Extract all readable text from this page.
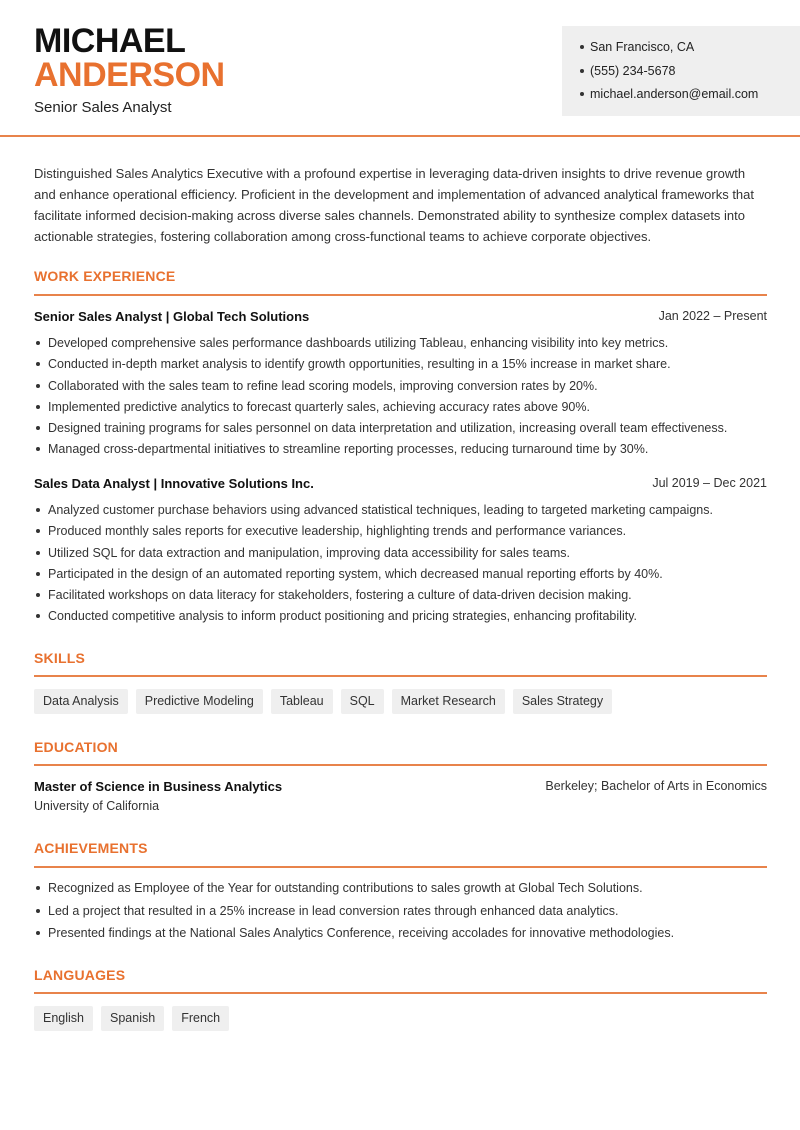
MICHAEL
ANDERSON
Senior Sales Analyst
San Francisco, CA
(555) 234-5678
michael.anderson@email.com

Distinguished Sales Analytics Executive with a profound expertise in leveraging data-driven insights to drive revenue growth and enhance operational efficiency. Proficient in the development and implementation of advanced analytical frameworks that facilitate informed decision-making across diverse sales channels. Demonstrated ability to synthesize complex datasets into actionable strategies, fostering collaboration among cross-functional teams to achieve corporate objectives.

WORK EXPERIENCE
Senior Sales Analyst | Global Tech Solutions	Jan 2022 – Present
Developed comprehensive sales performance dashboards utilizing Tableau, enhancing visibility into key metrics.
Conducted in-depth market analysis to identify growth opportunities, resulting in a 15% increase in market share.
Collaborated with the sales team to refine lead scoring models, improving conversion rates by 20%.
Implemented predictive analytics to forecast quarterly sales, achieving accuracy rates above 90%.
Designed training programs for sales personnel on data interpretation and utilization, increasing overall team effectiveness.
Managed cross-departmental initiatives to streamline reporting processes, reducing turnaround time by 30%.
Sales Data Analyst | Innovative Solutions Inc.	Jul 2019 – Dec 2021
Analyzed customer purchase behaviors using advanced statistical techniques, leading to targeted marketing campaigns.
Produced monthly sales reports for executive leadership, highlighting trends and performance variances.
Utilized SQL for data extraction and manipulation, improving data accessibility for sales teams.
Participated in the design of an automated reporting system, which decreased manual reporting efforts by 40%.
Facilitated workshops on data literacy for stakeholders, fostering a culture of data-driven decision making.
Conducted competitive analysis to inform product positioning and pricing strategies, enhancing profitability.
SKILLS
Data Analysis	Predictive Modeling	Tableau	SQL	Market Research	Sales Strategy
EDUCATION
Master of Science in Business Analytics	Berkeley; Bachelor of Arts in Economics
University of California
ACHIEVEMENTS
Recognized as Employee of the Year for outstanding contributions to sales growth at Global Tech Solutions.
Led a project that resulted in a 25% increase in lead conversion rates through enhanced data analytics.
Presented findings at the National Sales Analytics Conference, receiving accolades for innovative methodologies.
LANGUAGES
English	Spanish	French
